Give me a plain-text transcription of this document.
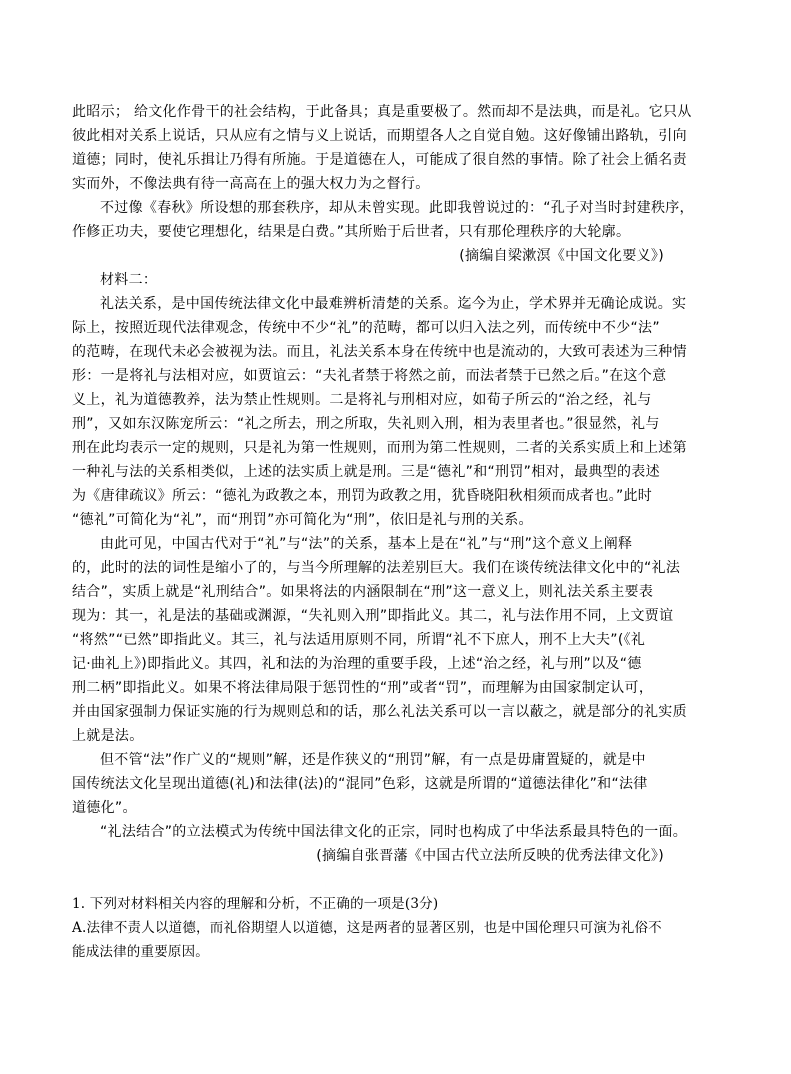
此昭示； 给文化作骨干的社会结构，于此备具；真是重要极了。然而却不是法典，而是礼。它只从
彼此相对关系上说话，只从应有之情与义上说话，而期望各人之自觉自勉。这好像铺出路轨，引向
道德；同时，使礼乐揖让乃得有所施。于是道德在人，可能成了很自然的事情。除了社会上循名责
实而外，不像法典有待一高高在上的强大权力为之督行。
不过像《春秋》所设想的那套秩序，却从未曾实现。此即我曾说过的：“孔子对当时封建秩序，
作修正功夫，要使它理想化，结果是白费。”其所贻于后世者，只有那伦理秩序的大轮廓。
(摘编自梁漱溟《中国文化要义》)
材料二：
礼法关系，是中国传统法律文化中最难辨析清楚的关系。迄今为止，学术界并无确论成说。实
际上，按照近现代法律观念，传统中不少“礼”的范畴，都可以归入法之列，而传统中不少“法”
的范畴，在现代未必会被视为法。而且，礼法关系本身在传统中也是流动的，大致可表述为三种情
形：一是将礼与法相对应，如贾谊云：“夫礼者禁于将然之前，而法者禁于已然之后。”在这个意
义上，礼为道德教养，法为禁止性规则。二是将礼与刑相对应，如荀子所云的“治之经，礼与
刑”，又如东汉陈宠所云：“礼之所去，刑之所取，失礼则入刑，相为表里者也。”很显然，礼与
刑在此均表示一定的规则，只是礼为第一性规则，而刑为第二性规则，二者的关系实质上和上述第
一种礼与法的关系相类似，上述的法实质上就是刑。三是“德礼”和“刑罚”相对，最典型的表述
为《唐律疏议》所云：“德礼为政教之本，刑罚为政教之用，犹昏晓阳秋相须而成者也。”此时
“德礼”可简化为“礼”，而“刑罚”亦可简化为“刑”，依旧是礼与刑的关系。
由此可见，中国古代对于“礼”与“法”的关系，基本上是在“礼”与“刑”这个意义上阐释
的，此时的法的词性是缩小了的，与当今所理解的法差别巨大。我们在谈传统法律文化中的“礼法
结合”，实质上就是“礼刑结合”。如果将法的内涵限制在“刑”这一意义上，则礼法关系主要表
现为：其一，礼是法的基础或渊源，“失礼则入刑”即指此义。其二，礼与法作用不同，上文贾谊
“将然”“已然”即指此义。其三，礼与法适用原则不同，所谓“礼不下庶人，刑不上大夫”(《礼
记·曲礼上》)即指此义。其四，礼和法的为治理的重要手段，上述“治之经，礼与刑”以及“德
刑二柄”即指此义。如果不将法律局限于惩罚性的“刑”或者“罚”，而理解为由国家制定认可，
并由国家强制力保证实施的行为规则总和的话，那么礼法关系可以一言以蔽之，就是部分的礼实质
上就是法。
但不管“法”作广义的“规则”解，还是作狭义的“刑罚”解，有一点是毋庸置疑的，就是中
国传统法文化呈现出道德(礼)和法律(法)的“混同”色彩，这就是所谓的“道德法律化”和“法律
道德化”。
“礼法结合”的立法模式为传统中国法律文化的正宗，同时也构成了中华法系最具特色的一面。
(摘编自张晋藩《中国古代立法所反映的优秀法律文化》)
1. 下列对材料相关内容的理解和分析，不正确的一项是(3分)
A.法律不责人以道德，而礼俗期望人以道德，这是两者的显著区别，也是中国伦理只可演为礼俗不
能成法律的重要原因。
